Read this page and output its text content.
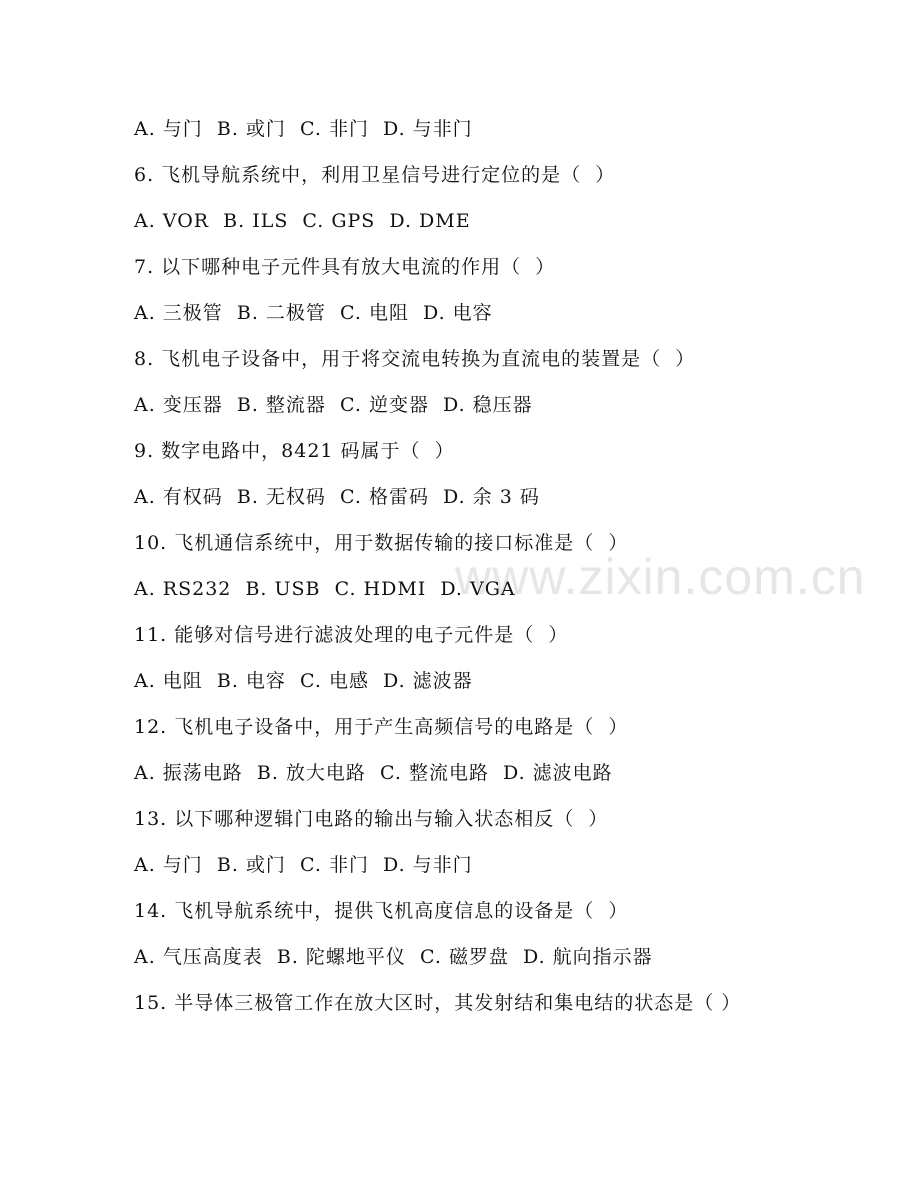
www.zixin.com.cn
A. 与门  B. 或门  C. 非门  D. 与非门
6. 飞机导航系统中，利用卫星信号进行定位的是（  ）
A. VOR  B. ILS  C. GPS  D. DME
7. 以下哪种电子元件具有放大电流的作用（  ）
A. 三极管  B. 二极管  C. 电阻  D. 电容
8. 飞机电子设备中，用于将交流电转换为直流电的装置是（  ）
A. 变压器  B. 整流器  C. 逆变器  D. 稳压器
9. 数字电路中，8421 码属于（  ）
A. 有权码  B. 无权码  C. 格雷码  D. 余 3 码
10. 飞机通信系统中，用于数据传输的接口标准是（  ）
A. RS232  B. USB  C. HDMI  D. VGA
11. 能够对信号进行滤波处理的电子元件是（  ）
A. 电阻  B. 电容  C. 电感  D. 滤波器
12. 飞机电子设备中，用于产生高频信号的电路是（  ）
A. 振荡电路  B. 放大电路  C. 整流电路  D. 滤波电路
13. 以下哪种逻辑门电路的输出与输入状态相反（  ）
A. 与门  B. 或门  C. 非门  D. 与非门
14. 飞机导航系统中，提供飞机高度信息的设备是（  ）
A. 气压高度表  B. 陀螺地平仪  C. 磁罗盘  D. 航向指示器
15. 半导体三极管工作在放大区时，其发射结和集电结的状态是（ ）
